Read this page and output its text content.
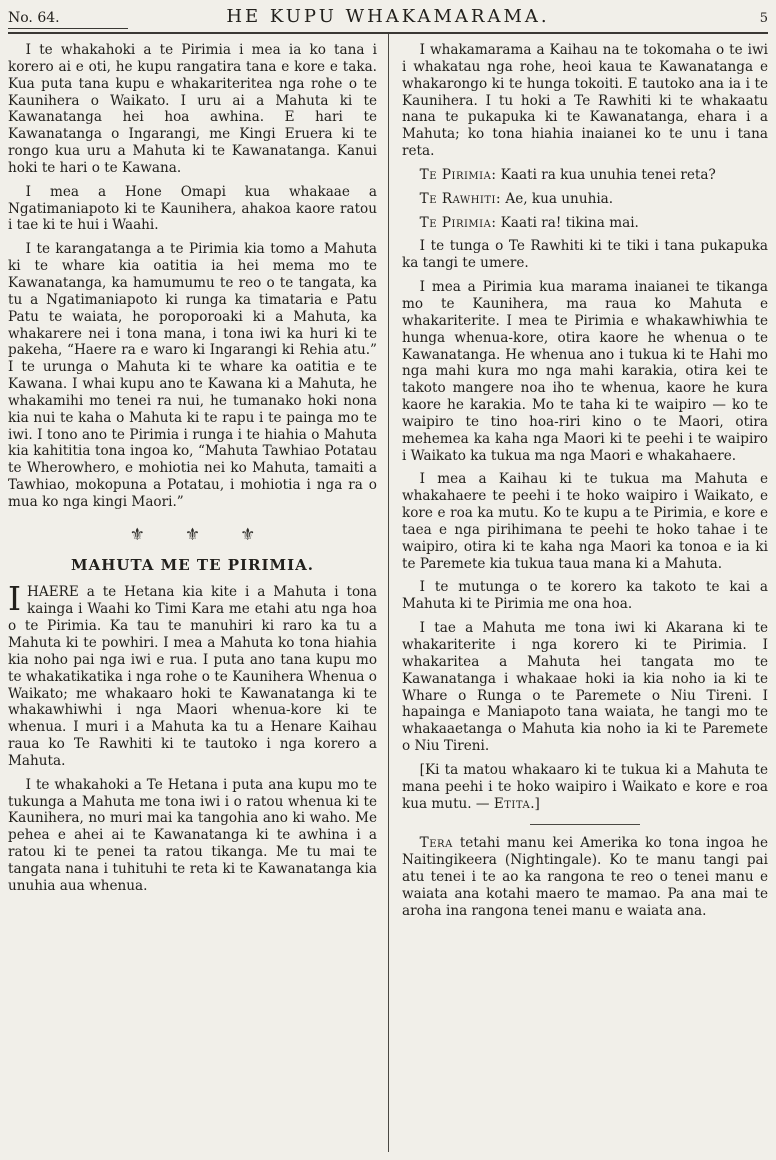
No. 64.	HE KUPU WHAKAMARAMA.	5

I te whakahoki a te Pirimia i mea ia ko tana i korero ai e oti, he kupu rangatira tana e kore e taka. Kua puta tana kupu e whakariteritea nga rohe o te Kaunihera o Waikato. I uru ai a Mahuta ki te Kawanatanga hei hoa awhina. E hari te Kawanatanga o Ingarangi, me Kingi Eruera ki te rongo kua uru a Mahuta ki te Kawanatanga. Kanui hoki te hari o te Kawana.

I mea a Hone Omapi kua whakaae a Ngatimaniapoto ki te Kaunihera, ahakoa kaore ratou i tae ki te hui i Waahi.

I te karangatanga a te Pirimia kia tomo a Mahuta ki te whare kia oatitia ia hei mema mo te Kawanatanga, ka hamumumu te reo o te tangata, ka tu a Ngatimaniapoto ki runga ka timataria e Patu Patu te waiata, he poroporoaki ki a Mahuta, ka whakarere nei i tona mana, i tona iwi ka huri ki te pakeha, “Haere ra e waro ki Ingarangi ki Rehia atu.” I te urunga o Mahuta ki te whare ka oatitia e te Kawana. I whai kupu ano te Kawana ki a Mahuta, he whakamihi mo tenei ra nui, he tumanako hoki nona kia nui te kaha o Mahuta ki te rapu i te painga mo te iwi. I tono ano te Pirimia i runga i te hiahia o Mahuta kia kahititia tona ingoa ko, “Mahuta Tawhiao Potatau te Wherowhero, e mohiotia nei ko Mahuta, tamaiti a Tawhiao, mokopuna a Potatau, i mohiotia i nga ra o mua ko nga kingi Maori.”

⚜ ⚜ ⚜
MAHUTA ME TE PIRIMIA.

IHAERE a te Hetana kia kite i a Mahuta i tona kainga i Waahi ko Timi Kara me etahi atu nga hoa o te Pirimia. Ka tau te manuhiri ki raro ka tu a Mahuta ki te powhiri. I mea a Mahuta ko tona hiahia kia noho pai nga iwi e rua. I puta ano tana kupu mo te whakatikatika i nga rohe o te Kaunihera Whenua o Waikato; me whakaaro hoki te Kawanatanga ki te whakawhiwhi i nga Maori whenua-kore ki te whenua. I muri i a Mahuta ka tu a Henare Kaihau raua ko Te Rawhiti ki te tautoko i nga korero a Mahuta.

I te whakahoki a Te Hetana i puta ana kupu mo te tukunga a Mahuta me tona iwi i o ratou whenua ki te Kaunihera, no muri mai ka tangohia ano ki waho. Me pehea e ahei ai te Kawanatanga ki te awhina i a ratou ki te penei ta ratou tikanga. Me tu mai te tangata nana i tuhituhi te reta ki te Kawanatanga kia unuhia aua whenua.

I whakamarama a Kaihau na te tokomaha o te iwi i whakatau nga rohe, heoi kaua te Kawanatanga e whakarongo ki te hunga tokoiti. E tautoko ana ia i te Kaunihera. I tu hoki a Te Rawhiti ki te whakaatu nana te pukapuka ki te Kawanatanga, ehara i a Mahuta; ko tona hiahia inaianei ko te unu i tana reta.

Te Pirimia: Kaati ra kua unuhia tenei reta?

Te Rawhiti: Ae, kua unuhia.

Te Pirimia: Kaati ra! tikina mai.

I te tunga o Te Rawhiti ki te tiki i tana pukapuka ka tangi te umere.

I mea a Pirimia kua marama inaianei te tikanga mo te Kaunihera, ma raua ko Mahuta e whakariterite. I mea te Pirimia e whakawhiwhia te hunga whenua-kore, otira kaore he whenua o te Kawanatanga. He whenua ano i tukua ki te Hahi mo nga mahi kura mo nga mahi karakia, otira kei te takoto mangere noa iho te whenua, kaore he kura kaore he karakia. Mo te taha ki te waipiro — ko te waipiro te tino hoa-riri kino o te Maori, otira mehemea ka kaha nga Maori ki te peehi i te waipiro i Waikato ka tukua ma nga Maori e whakahaere.

I mea a Kaihau ki te tukua ma Mahuta e whakahaere te peehi i te hoko waipiro i Waikato, e kore e roa ka mutu. Ko te kupu a te Pirimia, e kore e taea e nga pirihimana te peehi te hoko tahae i te waipiro, otira ki te kaha nga Maori ka tonoa e ia ki te Paremete kia tukua taua mana ki a Mahuta.

I te mutunga o te korero ka takoto te kai a Mahuta ki te Pirimia me ona hoa.

I tae a Mahuta me tona iwi ki Akarana ki te whakariterite i nga korero ki te Pirimia. I whakaritea a Mahuta hei tangata mo te Kawanatanga i whakaae hoki ia kia noho ia ki te Whare o Runga o te Paremete o Niu Tireni. I hapainga e Maniapoto tana waiata, he tangi mo te whakaaetanga o Mahuta kia noho ia ki te Paremete o Niu Tireni.

[Ki ta matou whakaaro ki te tukua ki a Mahuta te mana peehi i te hoko waipiro i Waikato e kore e roa kua mutu. — Etita.]

Tera tetahi manu kei Amerika ko tona ingoa he Naitingikeera (Nightingale). Ko te manu tangi pai atu tenei i te ao ka rangona te reo o tenei manu e waiata ana kotahi maero te mamao. Pa ana mai te aroha ina rangona tenei manu e waiata ana.
